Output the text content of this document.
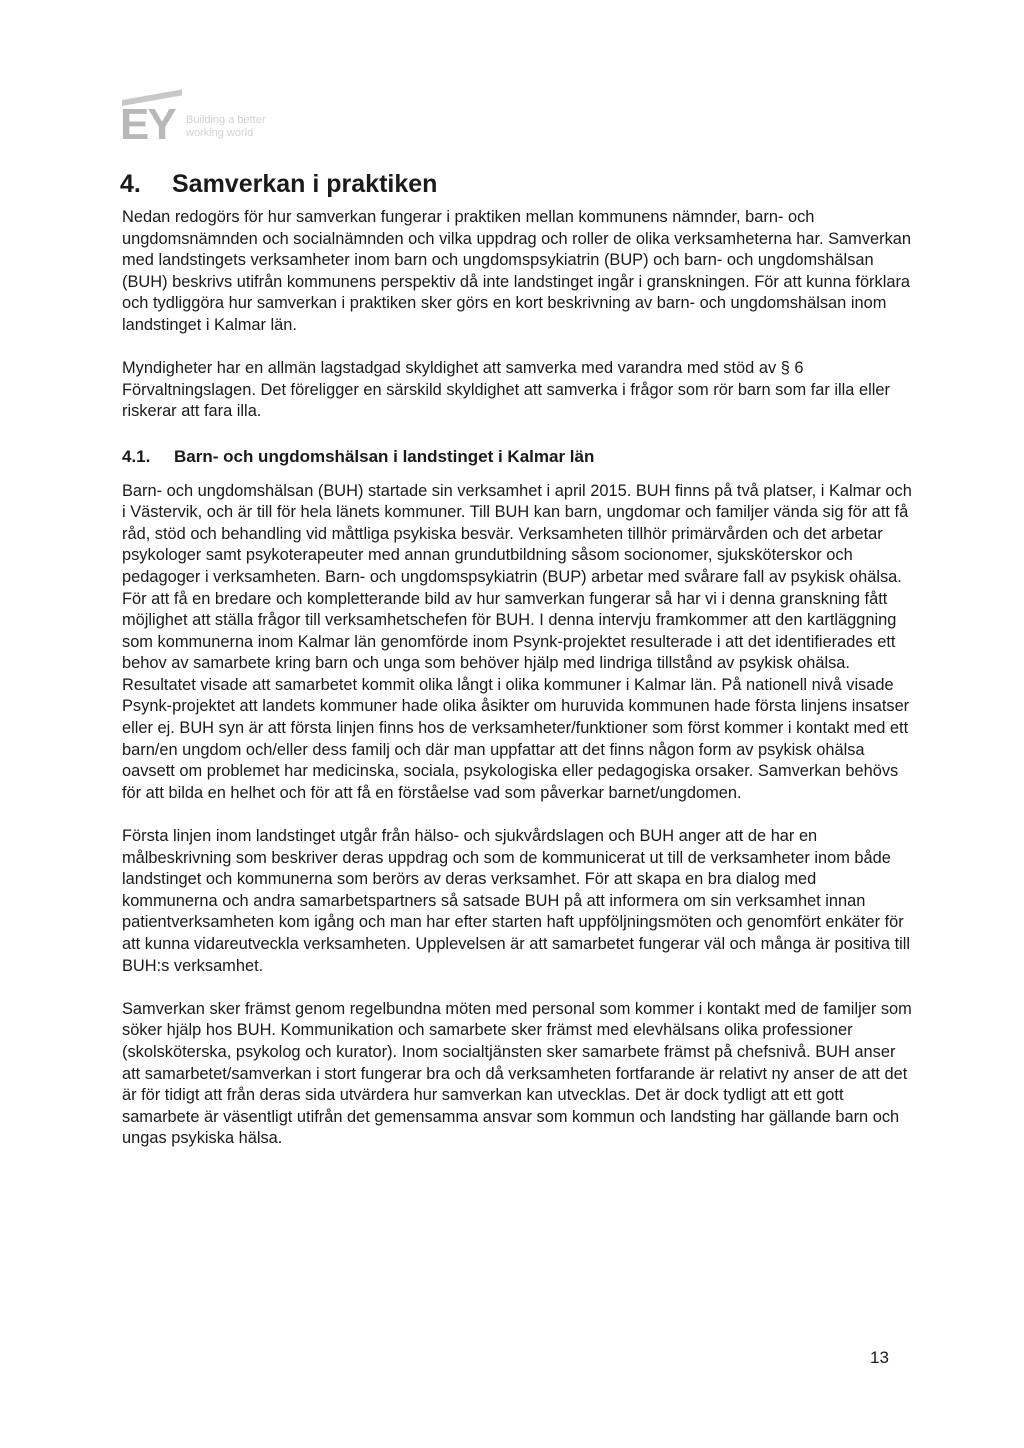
EY Building a better
working world
4. Samverkan i praktiken

Nedan redogörs för hur samverkan fungerar i praktiken mellan kommunens nämnder, barn- och ungdomsnämnden och socialnämnden och vilka uppdrag och roller de olika verksamheterna har. Samverkan med landstingets verksamheter inom barn och ungdomspsykiatrin (BUP) och barn- och ungdomshälsan (BUH) beskrivs utifrån kommunens perspektiv då inte landstinget ingår i granskningen. För att kunna förklara och tydliggöra hur samverkan i praktiken sker görs en kort beskrivning av barn- och ungdomshälsan inom landstinget i Kalmar län.

Myndigheter har en allmän lagstadgad skyldighet att samverka med varandra med stöd av § 6 Förvaltningslagen. Det föreligger en särskild skyldighet att samverka i frågor som rör barn som far illa eller riskerar att fara illa.

4.1. Barn- och ungdomshälsan i landstinget i Kalmar län

Barn- och ungdomshälsan (BUH) startade sin verksamhet i april 2015. BUH finns på två platser, i Kalmar och i Västervik, och är till för hela länets kommuner. Till BUH kan barn, ungdomar och familjer vända sig för att få råd, stöd och behandling vid måttliga psykiska besvär. Verksamheten tillhör primärvården och det arbetar psykologer samt psykoterapeuter med annan grundutbildning såsom socionomer, sjuksköterskor och pedagoger i verksamheten. Barn- och ungdomspsykiatrin (BUP) arbetar med svårare fall av psykisk ohälsa. För att få en bredare och kompletterande bild av hur samverkan fungerar så har vi i denna granskning fått möjlighet att ställa frågor till verksamhetschefen för BUH. I denna intervju framkommer att den kartläggning som kommunerna inom Kalmar län genomförde inom Psynk-projektet resulterade i att det identifierades ett behov av samarbete kring barn och unga som behöver hjälp med lindriga tillstånd av psykisk ohälsa. Resultatet visade att samarbetet kommit olika långt i olika kommuner i Kalmar län. På nationell nivå visade Psynk-projektet att landets kommuner hade olika åsikter om huruvida kommunen hade första linjens insatser eller ej. BUH syn är att första linjen finns hos de verksamheter/funktioner som först kommer i kontakt med ett barn/en ungdom och/eller dess familj och där man uppfattar att det finns någon form av psykisk ohälsa oavsett om problemet har medicinska, sociala, psykologiska eller pedagogiska orsaker. Samverkan behövs för att bilda en helhet och för att få en förståelse vad som påverkar barnet/ungdomen.

Första linjen inom landstinget utgår från hälso- och sjukvårdslagen och BUH anger att de har en målbeskrivning som beskriver deras uppdrag och som de kommunicerat ut till de verksamheter inom både landstinget och kommunerna som berörs av deras verksamhet. För att skapa en bra dialog med kommunerna och andra samarbetspartners så satsade BUH på att informera om sin verksamhet innan patientverksamheten kom igång och man har efter starten haft uppföljningsmöten och genomfört enkäter för att kunna vidareutveckla verksamheten. Upplevelsen är att samarbetet fungerar väl och många är positiva till BUH:s verksamhet.

Samverkan sker främst genom regelbundna möten med personal som kommer i kontakt med de familjer som söker hjälp hos BUH. Kommunikation och samarbete sker främst med elevhälsans olika professioner (skolsköterska, psykolog och kurator). Inom socialtjänsten sker samarbete främst på chefsnivå. BUH anser att samarbetet/samverkan i stort fungerar bra och då verksamheten fortfarande är relativt ny anser de att det är för tidigt att från deras sida utvärdera hur samverkan kan utvecklas. Det är dock tydligt att ett gott samarbete är väsentligt utifrån det gemensamma ansvar som kommun och landsting har gällande barn och ungas psykiska hälsa.

13
